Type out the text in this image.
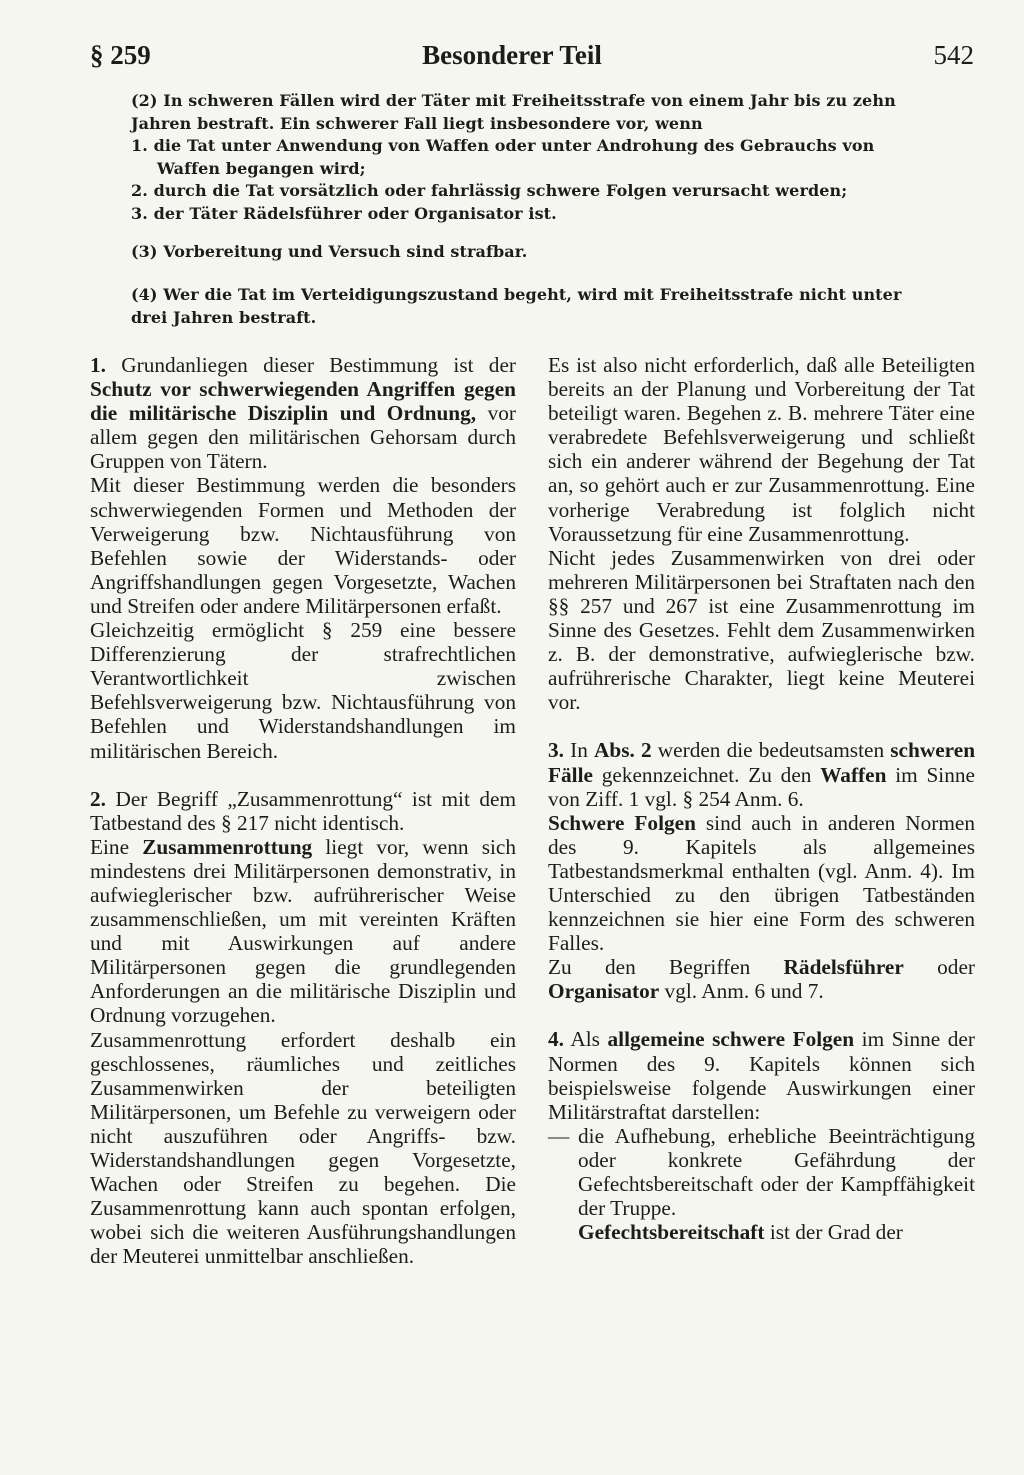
§ 259	Besonderer Teil	542

(2) In schweren Fällen wird der Täter mit Freiheitsstrafe von einem Jahr bis zu zehn Jahren bestraft. Ein schwerer Fall liegt insbesondere vor, wenn

1. die Tat unter Anwendung von Waffen oder unter Androhung des Gebrauchs von Waffen begangen wird;

2. durch die Tat vorsätzlich oder fahrlässig schwere Folgen verursacht werden;

3. der Täter Rädelsführer oder Organisator ist.

(3) Vorbereitung und Versuch sind strafbar.

(4) Wer die Tat im Verteidigungszustand begeht, wird mit Freiheitsstrafe nicht unter drei Jahren bestraft.

1. Grundanliegen dieser Bestimmung ist der Schutz vor schwerwiegenden Angriffen gegen die militärische Disziplin und Ordnung, vor allem gegen den militärischen Gehorsam durch Gruppen von Tätern.

Mit dieser Bestimmung werden die besonders schwerwiegenden Formen und Methoden der Verweigerung bzw. Nichtausführung von Befehlen sowie der Widerstands- oder Angriffshandlungen gegen Vorgesetzte, Wachen und Streifen oder andere Militärpersonen erfaßt.

Gleichzeitig ermöglicht § 259 eine bessere Differenzierung der strafrechtlichen Verantwortlichkeit zwischen Befehlsverweigerung bzw. Nichtausführung von Befehlen und Widerstandshandlungen im militärischen Bereich.

2. Der Begriff „Zusammenrottung“ ist mit dem Tatbestand des § 217 nicht identisch.

Eine Zusammenrottung liegt vor, wenn sich mindestens drei Militärpersonen demonstrativ, in aufwieglerischer bzw. aufrührerischer Weise zusammenschließen, um mit vereinten Kräften und mit Auswirkungen auf andere Militärpersonen gegen die grundlegenden Anforderungen an die militärische Disziplin und Ordnung vorzugehen.

Zusammenrottung erfordert deshalb ein geschlossenes, räumliches und zeitliches Zusammenwirken der beteiligten Militärpersonen, um Befehle zu verweigern oder nicht auszuführen oder Angriffs- bzw. Widerstandshandlungen gegen Vorgesetzte, Wachen oder Streifen zu begehen. Die Zusammenrottung kann auch spontan erfolgen, wobei sich die weiteren Ausführungshandlungen der Meuterei unmittelbar anschließen.

Es ist also nicht erforderlich, daß alle Beteiligten bereits an der Planung und Vorbereitung der Tat beteiligt waren. Begehen z. B. mehrere Täter eine verabredete Befehlsverweigerung und schließt sich ein anderer während der Begehung der Tat an, so gehört auch er zur Zusammenrottung. Eine vorherige Verabredung ist folglich nicht Voraussetzung für eine Zusammenrottung.

Nicht jedes Zusammenwirken von drei oder mehreren Militärpersonen bei Straftaten nach den §§ 257 und 267 ist eine Zusammenrottung im Sinne des Gesetzes. Fehlt dem Zusammenwirken z. B. der demonstrative, aufwieglerische bzw. aufrührerische Charakter, liegt keine Meuterei vor.

3. In Abs. 2 werden die bedeutsamsten schweren Fälle gekennzeichnet. Zu den Waffen im Sinne von Ziff. 1 vgl. § 254 Anm. 6.

Schwere Folgen sind auch in anderen Normen des 9. Kapitels als allgemeines Tatbestandsmerkmal enthalten (vgl. Anm. 4). Im Unterschied zu den übrigen Tatbeständen kennzeichnen sie hier eine Form des schweren Falles.

Zu den Begriffen Rädelsführer oder Organisator vgl. Anm. 6 und 7.

4. Als allgemeine schwere Folgen im Sinne der Normen des 9. Kapitels können sich beispielsweise folgende Auswirkungen einer Militärstraftat darstellen:

— die Aufhebung, erhebliche Beeinträchtigung oder konkrete Gefährdung der Gefechtsbereitschaft oder der Kampffähigkeit der Truppe.
Gefechtsbereitschaft ist der Grad der
